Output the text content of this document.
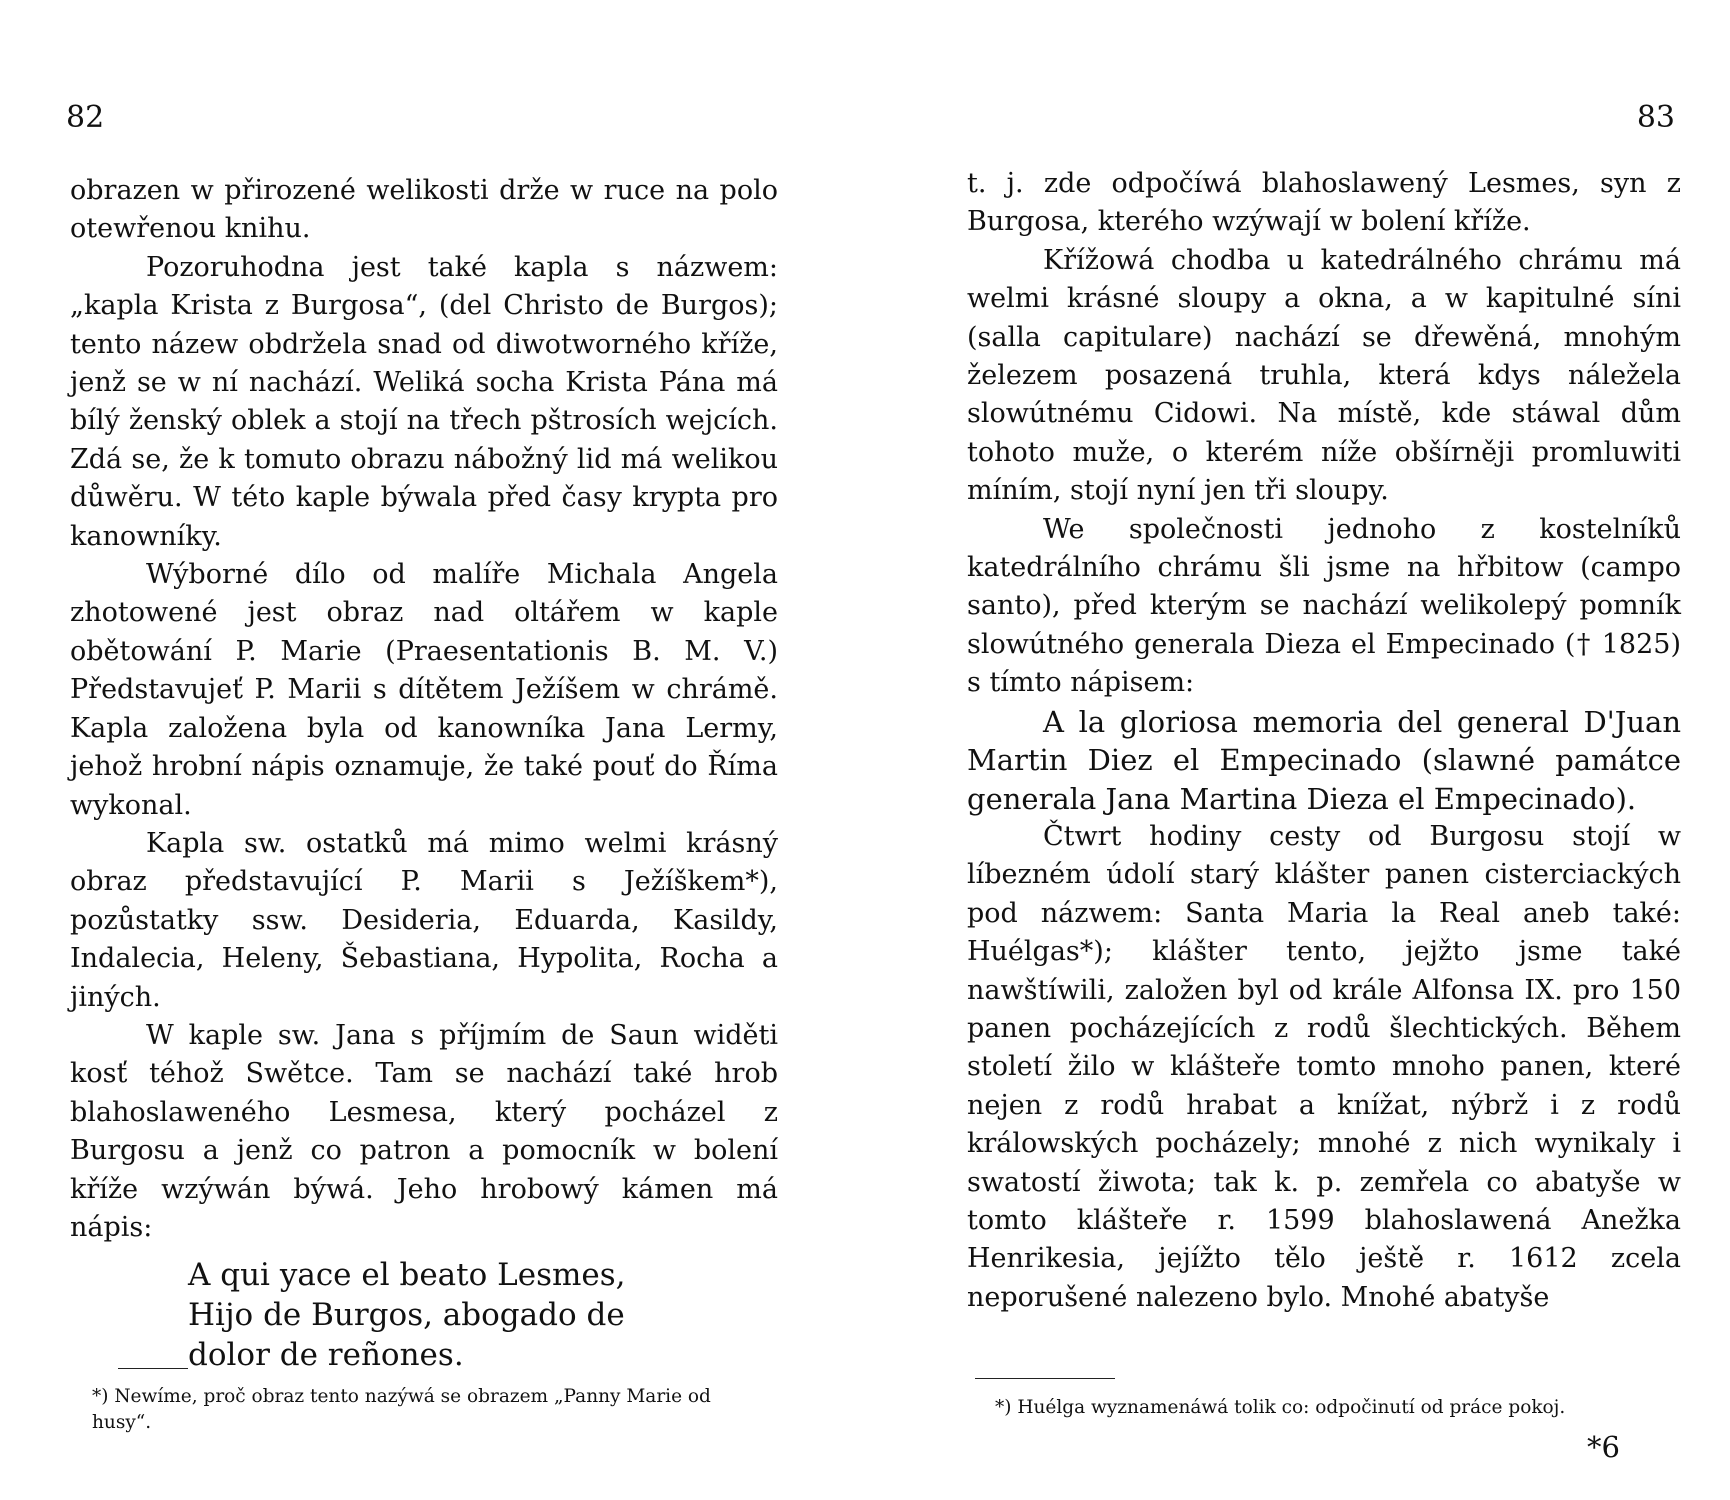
82

obrazen w přirozené welikosti drže w ruce na polo otewřenou knihu.

Pozoruhodna jest také kapla s názwem: „kapla Krista z Burgosa“, (del Christo de Burgos); tento názew obdržela snad od diwotworného kříže, jenž se w ní nachází. Weliká socha Krista Pána má bílý ženský oblek a stojí na třech pštrosích wejcích. Zdá se, že k tomuto obrazu nábožný lid má welikou důwěru. W této kaple býwala před časy krypta pro kanowníky.

Wýborné dílo od malíře Michala Angela zhotowené jest obraz nad oltářem w kaple obětowání P. Marie (Praesentationis B. M. V.) Představujeť P. Marii s dítětem Ježíšem w chrámě. Kapla založena byla od kanowníka Jana Lermy, jehož hrobní nápis oznamuje, že také pouť do Říma wykonal.

Kapla sw. ostatků má mimo welmi krásný obraz představující P. Marii s Ježíškem*), pozůstatky ssw. Desideria, Eduarda, Kasildy, Indalecia, Heleny, Šebastiana, Hypolita, Rocha a jiných.

W kaple sw. Jana s příjmím de Saun widěti kosť téhož Swětce. Tam se nachází také hrob blahoslaweného Lesmesa, který pocházel z Burgosu a jenž co patron a pomocník w bolení kříže wzýwán býwá. Jeho hrobowý kámen má nápis:

A qui yace el beato Lesmes,
Hijo de Burgos, abogado de
dolor de reñones.
*) Newíme, proč obraz tento nazýwá se obrazem „Panny Marie od husy“.
83

t. j. zde odpočíwá blahoslawený Lesmes, syn z Burgosa, kterého wzýwají w bolení kříže.

Křížowá chodba u katedrálného chrámu má welmi krásné sloupy a okna, a w kapitulné síni (salla capitulare) nachází se dřewěná, mnohým železem posazená truhla, která kdys náležela slowútnému Cidowi. Na místě, kde stáwal dům tohoto muže, o kterém níže obšírněji promluwiti míním, stojí nyní jen tři sloupy.

We společnosti jednoho z kostelníků katedrálního chrámu šli jsme na hřbitow (campo santo), před kterým se nachází welikolepý pomník slowútného generala Dieza el Empecinado († 1825) s tímto nápisem:

A la gloriosa memoria del general D'Juan Martin Diez el Empecinado (slawné památce generala Jana Martina Dieza el Empecinado).

Čtwrt hodiny cesty od Burgosu stojí w líbezném údolí starý klášter panen cisterciackých pod názwem: Santa Maria la Real aneb také: Huélgas*); klášter tento, jejžto jsme také nawštíwili, založen byl od krále Alfonsa IX. pro 150 panen pocházejících z rodů šlechtických. Během století žilo w klášteře tomto mnoho panen, které nejen z rodů hrabat a knížat, nýbrž i z rodů králowských pocházely; mnohé z nich wynikaly i swatostí žiwota; tak k. p. zemřela co abatyše w tomto klášteře r. 1599 blahoslawená Anežka Henrikesia, jejížto tělo ještě r. 1612 zcela neporušené nalezeno bylo. Mnohé abatyše

*) Huélga wyznamenáwá tolik co: odpočinutí od práce pokoj.
*6
